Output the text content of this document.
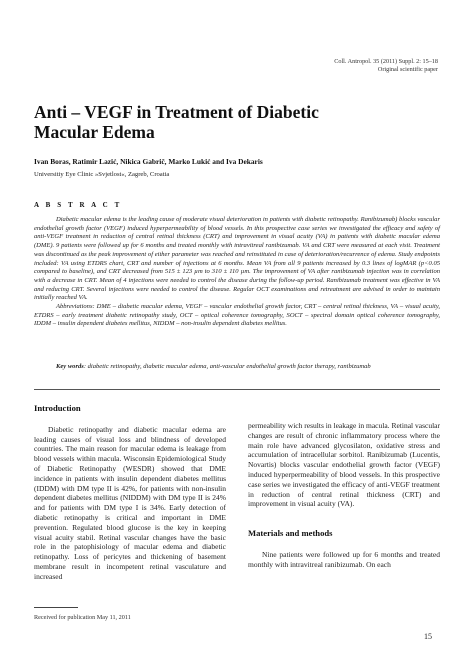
Coll. Antropol. 35 (2011) Suppl. 2: 15–18
Original scientific paper
Anti – VEGF in Treatment of Diabetic
Macular Edema
Ivan Boras, Ratimir Lazić, Nikica Gabrič, Marko Lukić and Iva Dekaris
Universitiy Eye Clinic »Svjetlost«, Zagreb, Croatia
A B S T R A C T

Diabetic macular edema is the leading cause of moderate visual deterioration in patients with diabetic retinopathy. Ranibizumab) blocks vascular endothelial growth factor (VEGF) induced hyperpermeability of blood vessels. In this prospective case series we investigated the efficacy and safety of anti-VEGF treatment in reduction of central retinal thickness (CRT) and improvement in visual acuity (VA) in patients with diabetic macular edema (DME). 9 patients were followed up for 6 months and treated monthly with intravitreal ranibizumab. VA and CRT were measured at each visit. Treatment was discontinued as the peak improvement of either parameter was reached and reinstituted in case of deterioration/recurrence of edema. Study endpoints included: VA using ETDRS chart, CRT and number of injections at 6 months. Mean VA from all 9 patients increased by 0.3 lines of logMAR (p<0.05 compared to baseline), and CRT decreased from 515 ± 123 µm to 310 ± 110 µm. The improvement of VA after ranibizumab injection was in correlation with a decrease in CRT. Mean of 4 injections were needed to control the disease during the follow-up period. Ranibizumab treatment was effective in VA and reducing CRT. Several injections were needed to control the disease. Regular OCT examinations and retreatment are advised in order to maintain initially reached VA.

Abbreviations: DME – diabetic macular edema, VEGF – vascular endothelial growth factor, CRT – central retinal thickness, VA – visual acuity, ETDRS – early treatment diabetic retinopathy study, OCT – optical coherence tomography, SOCT – spectral domain optical coherence tomography, IDDM – insulin dependent diabetes mellitus, NIDDM – non-insulin dependent diabetes mellitus.

Key words: diabetic retinopathy, diabetic macular edema, anti-vascular endothelial growth factor therapy, ranibizumab

Introduction

Diabetic retinopathy and diabetic macular edema are leading causes of visual loss and blindness of developed countries. The main reason for macular edema is leakage from blood vessels within macula. Wisconsin Epidemiological Study of Diabetic Retinopathy (WESDR) showed that DME incidence in patients with insulin dependent diabetes mellitus (IDDM) with DM type II is 42%, for patients with non-insulin dependent diabetes mellitus (NIDDM) with DM type II is 24% and for patients with DM type I is 34%. Early detection of diabetic retinopathy is critical and important in DME prevention. Regulated blood glucose is the key in keeping visual acuity stabil. Retinal vascular changes have the basic role in the patophisiology of macular edema and diabetic retinopathy. Loss of pericytes and thickening of basement membrane result in incompetent retinal vasculature and increased

permeability wich results in leakage in macula. Retinal vascular changes are result of chronic inflammatory process where the main role have advanced glycosilaton, oxidative stress and accumulation of intracellular sorbitol. Ranibizumab (Lucentis, Novartis) blocks vascular endothelial growth factor (VEGF) induced hyperpermeability of blood vessels. In this prospective case series we investigated the efficacy of anti-VEGF treatment in reduction of central retinal thickness (CRT) and improvement in visual acuity (VA).

Materials and methods

Nine patients were followed up for 6 months and treated monthly with intravitreal ranibizumab. On each

Received for publication May 11, 2011
15
